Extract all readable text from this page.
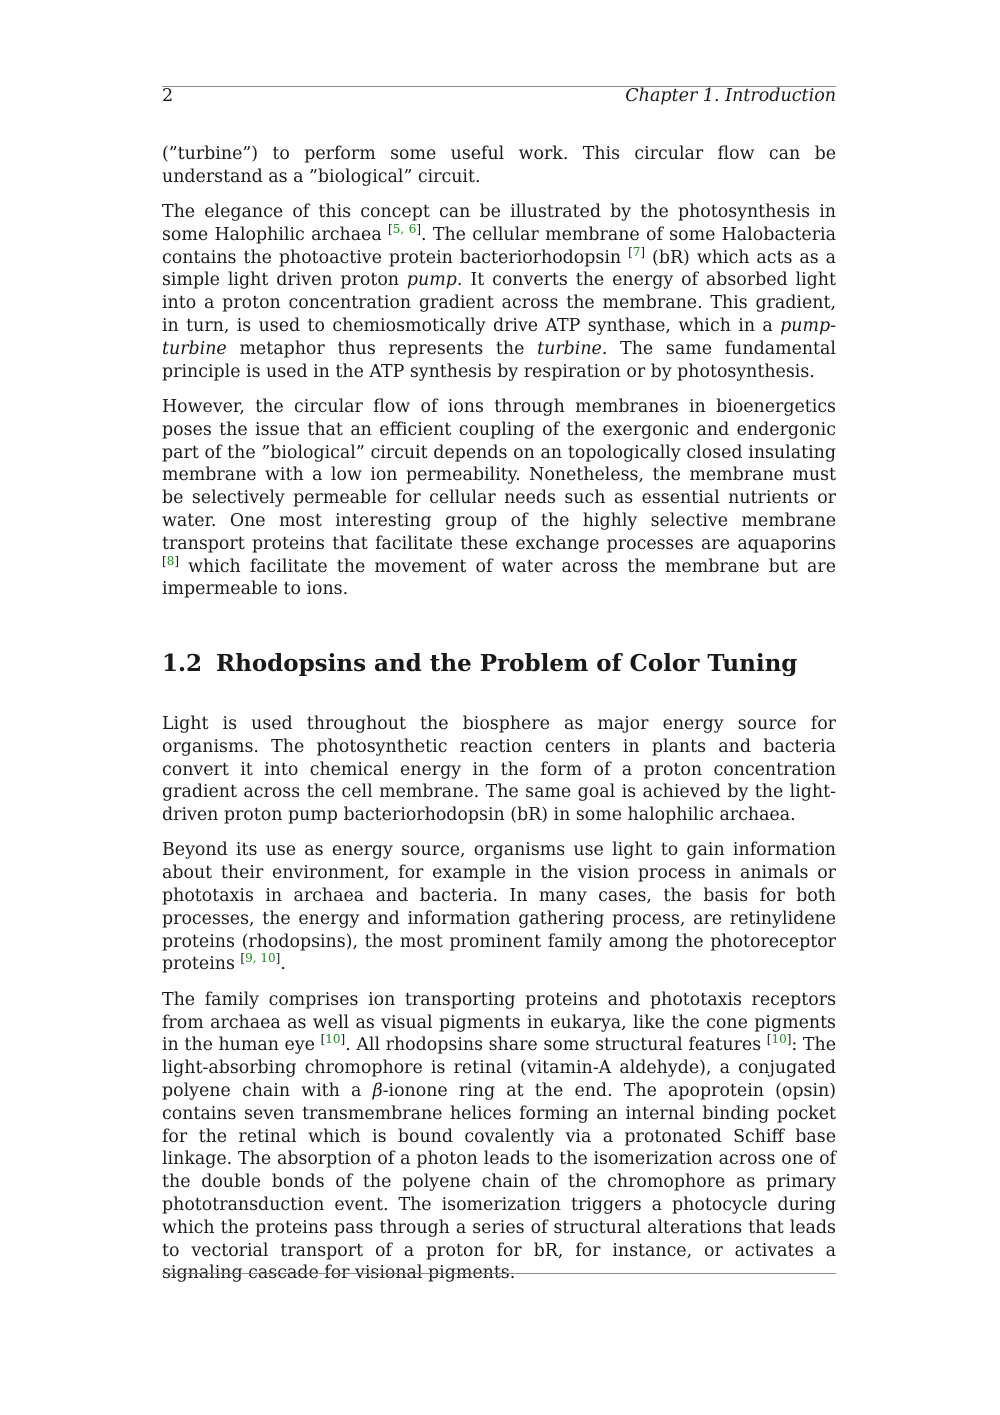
2	Chapter 1. Introduction

(”turbine”) to perform some useful work. This circular flow can be understand as a ”biological” circuit.

The elegance of this concept can be illustrated by the photosynthesis in some Halophilic archaea [5, 6]. The cellular membrane of some Halobacteria contains the photoactive protein bacteriorhodopsin [7] (bR) which acts as a simple light driven proton pump. It converts the energy of absorbed light into a proton concentration gradient across the membrane. This gradient, in turn, is used to chemiosmotically drive ATP synthase, which in a pump-turbine metaphor thus represents the turbine. The same fundamental principle is used in the ATP synthesis by respiration or by photosynthesis.

However, the circular flow of ions through membranes in bioenergetics poses the issue that an efficient coupling of the exergonic and endergonic part of the ”biological” circuit depends on an topologically closed insulating membrane with a low ion permeability. Nonetheless, the membrane must be selectively permeable for cellular needs such as essential nutrients or water. One most interesting group of the highly selective membrane transport proteins that facilitate these exchange processes are aquaporins [8] which facilitate the movement of water across the membrane but are impermeable to ions.

1.2 Rhodopsins and the Problem of Color Tuning

Light is used throughout the biosphere as major energy source for organisms. The photosynthetic reaction centers in plants and bacteria convert it into chemical energy in the form of a proton concentration gradient across the cell membrane. The same goal is achieved by the light-driven proton pump bacteriorhodopsin (bR) in some halophilic archaea.

Beyond its use as energy source, organisms use light to gain information about their environment, for example in the vision process in animals or phototaxis in archaea and bacteria. In many cases, the basis for both processes, the energy and information gathering process, are retinylidene proteins (rhodopsins), the most prominent family among the photoreceptor proteins [9, 10].

The family comprises ion transporting proteins and phototaxis receptors from archaea as well as visual pigments in eukarya, like the cone pigments in the human eye [10]. All rhodopsins share some structural features [10]: The light-absorbing chromophore is retinal (vitamin-A aldehyde), a conjugated polyene chain with a β-ionone ring at the end. The apoprotein (opsin) contains seven transmembrane helices forming an internal binding pocket for the retinal which is bound covalently via a protonated Schiff base linkage. The absorption of a photon leads to the isomerization across one of the double bonds of the polyene chain of the chromophore as primary phototransduction event. The isomerization triggers a photocycle during which the proteins pass through a series of structural alterations that leads to vectorial transport of a proton for bR, for instance, or activates a signaling cascade for visional pigments.
